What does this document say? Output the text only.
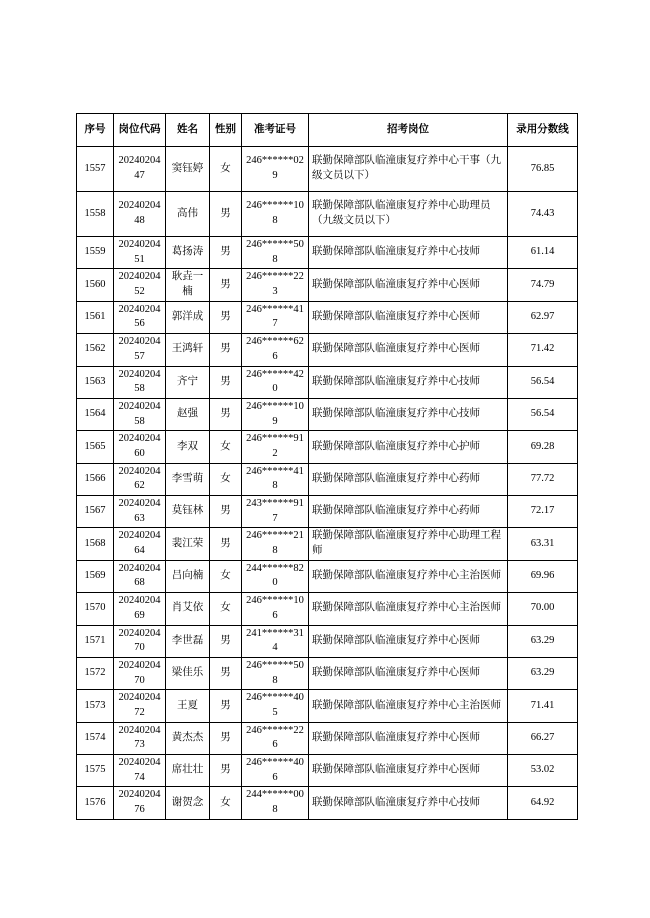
序号	岗位代码	姓名	性别	准考证号	招考岗位	录用分数线
1557	2024020447	窦钰婷	女	246******029	联勤保障部队临潼康复疗养中心干事（九级文员以下）	76.85
1558	2024020448	高伟	男	246******108	联勤保障部队临潼康复疗养中心助理员（九级文员以下）	74.43
1559	2024020451	葛扬涛	男	246******508	联勤保障部队临潼康复疗养中心技师	61.14
1560	2024020452	耿垚一楠	男	246******223	联勤保障部队临潼康复疗养中心医师	74.79
1561	2024020456	郭洋成	男	246******417	联勤保障部队临潼康复疗养中心医师	62.97
1562	2024020457	王鸿轩	男	246******626	联勤保障部队临潼康复疗养中心医师	71.42
1563	2024020458	齐宁	男	246******420	联勤保障部队临潼康复疗养中心技师	56.54
1564	2024020458	赵强	男	246******109	联勤保障部队临潼康复疗养中心技师	56.54
1565	2024020460	李双	女	246******912	联勤保障部队临潼康复疗养中心护师	69.28
1566	2024020462	李雪萌	女	246******418	联勤保障部队临潼康复疗养中心药师	77.72
1567	2024020463	莫钰林	男	243******917	联勤保障部队临潼康复疗养中心药师	72.17
1568	2024020464	裴江荣	男	246******218	联勤保障部队临潼康复疗养中心助理工程师	63.31
1569	2024020468	吕向楠	女	244******820	联勤保障部队临潼康复疗养中心主治医师	69.96
1570	2024020469	肖艾依	女	246******106	联勤保障部队临潼康复疗养中心主治医师	70.00
1571	2024020470	李世磊	男	241******314	联勤保障部队临潼康复疗养中心医师	63.29
1572	2024020470	梁佳乐	男	246******508	联勤保障部队临潼康复疗养中心医师	63.29
1573	2024020472	王夏	男	246******405	联勤保障部队临潼康复疗养中心主治医师	71.41
1574	2024020473	黄杰杰	男	246******226	联勤保障部队临潼康复疗养中心医师	66.27
1575	2024020474	席壮壮	男	246******406	联勤保障部队临潼康复疗养中心医师	53.02
1576	2024020476	谢贺念	女	244******008	联勤保障部队临潼康复疗养中心技师	64.92
